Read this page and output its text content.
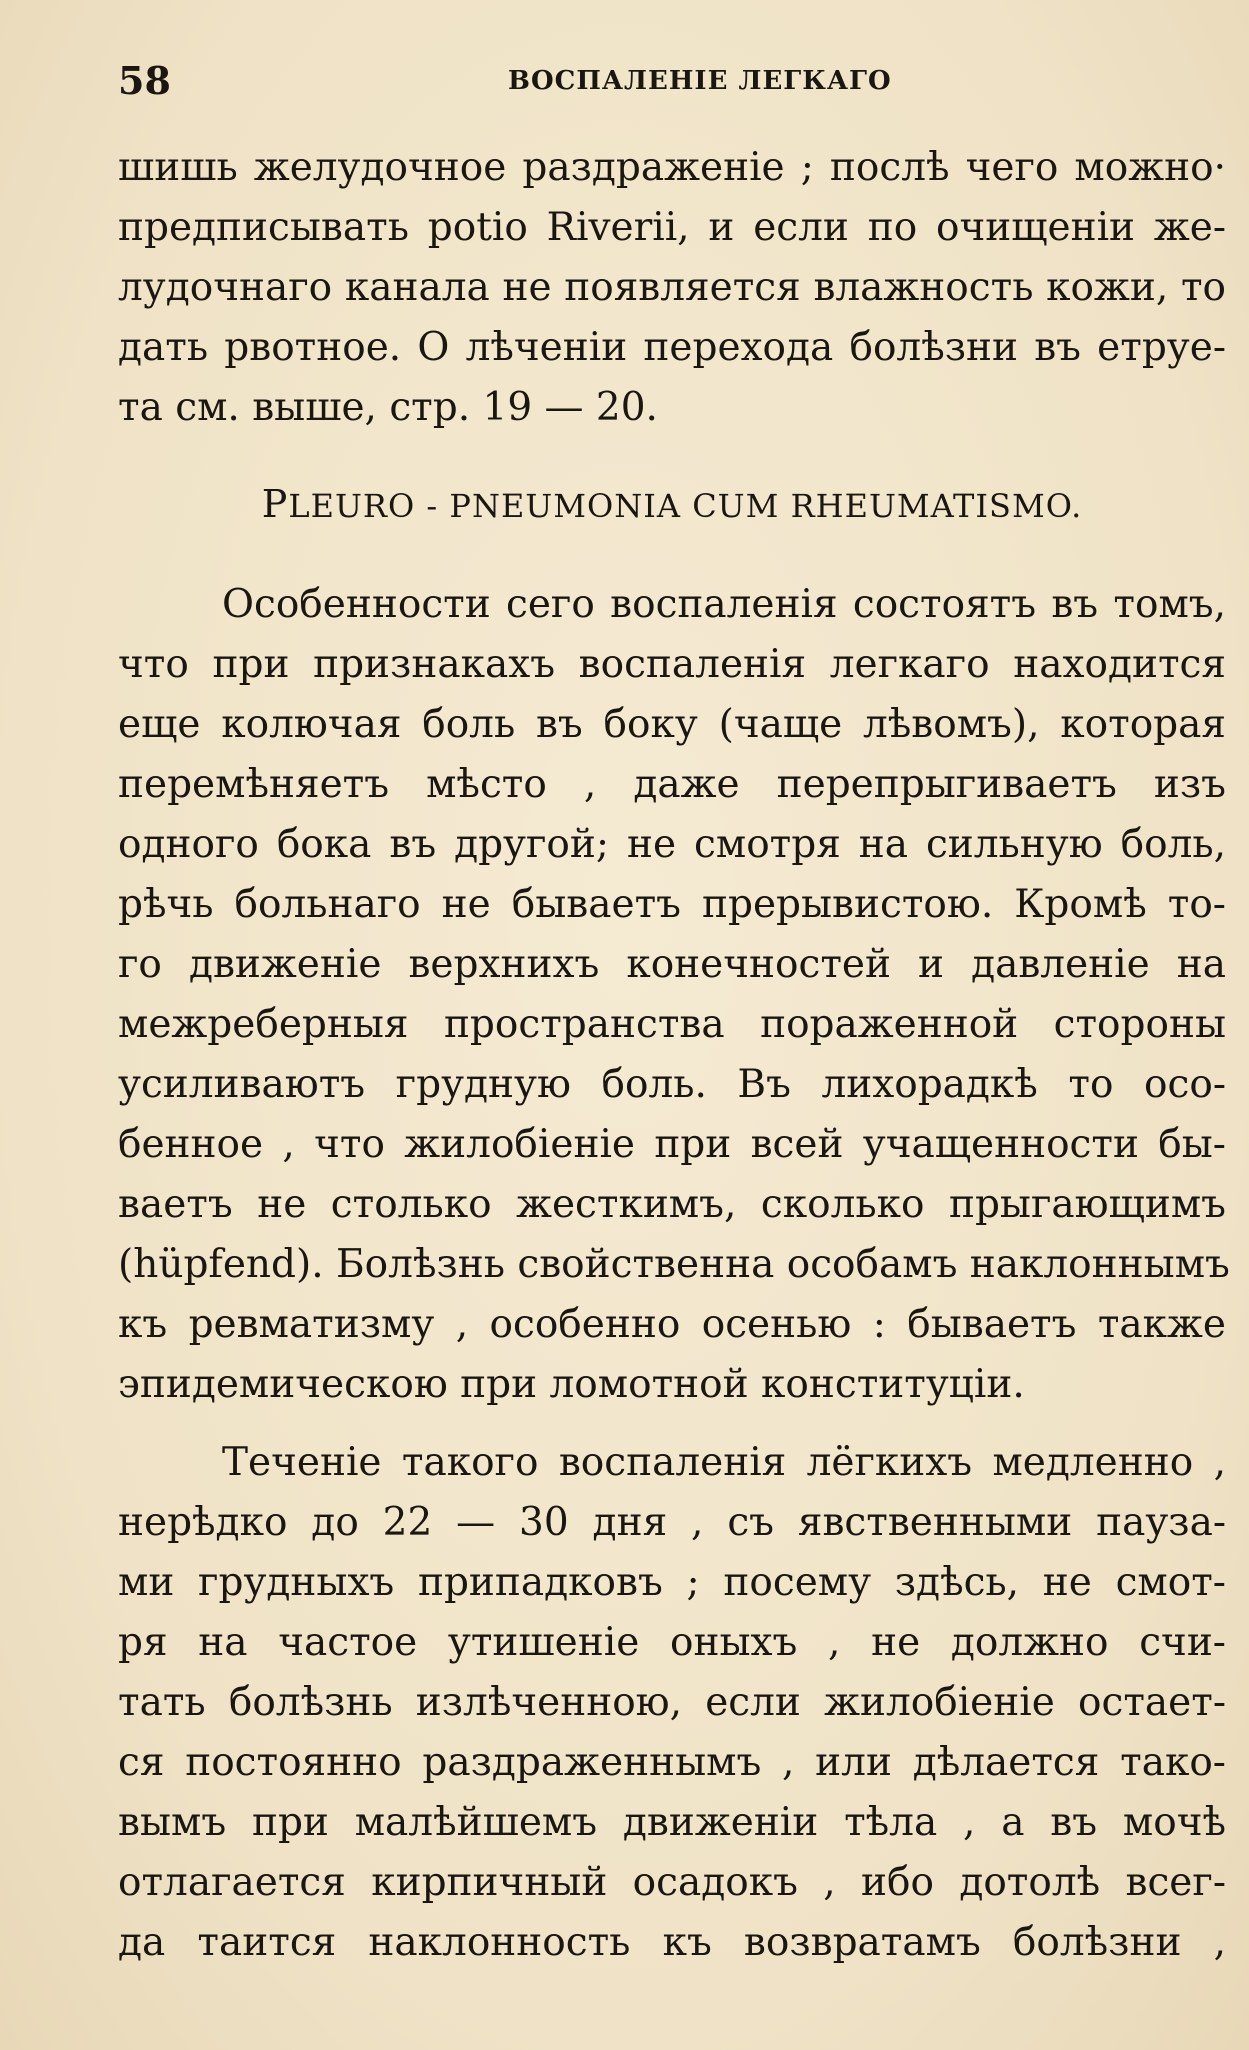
58	ВОСПАЛЕНІЕ ЛЕГКАГО
шишь желудочное раздраженіе ; послѣ чего можно·
предписывать potio Riverii, и если по очищеніи же-
лудочнаго канала не появляется влажность кожи, то
дать рвотное. О лѣченіи перехода болѣзни въ етруе-
та см. выше, стр. 19 — 20.
PLEURO - PNEUMONIA CUM RHEUMATISMO.
Особенности сего воспаленія состоятъ въ томъ,
что при признакахъ воспаленія легкаго находится
еще колючая боль въ боку (чаще лѣвомъ), которая
перемѣняетъ мѣсто , даже перепрыгиваетъ изъ
одного бока въ другой; не смотря на сильную боль,
рѣчь больнаго не бываетъ прерывистою. Кромѣ то-
го движеніе верхнихъ конечностей и давленіе на
межреберныя пространства пораженной стороны
усиливаютъ грудную боль. Въ лихорадкѣ то осо-
бенное , что жилобіеніе при всей учащенности бы-
ваетъ не столько жесткимъ, сколько прыгающимъ
(hüpfend). Болѣзнь свойственна особамъ наклоннымъ
къ ревматизму , особенно осенью : бываетъ также
эпидемическою при ломотной конституціи.
Теченіе такого воспаленія лёгкихъ медленно ,
нерѣдко до 22 — 30 дня , съ явственными пауза-
ми грудныхъ припадковъ ; посему здѣсь, не смот-
ря на частое утишеніе оныхъ , не должно счи-
тать болѣзнь излѣченною, если жилобіеніе остает-
ся постоянно раздраженнымъ , или дѣлается тако-
вымъ при малѣйшемъ движеніи тѣла , а въ мочѣ
отлагается кирпичный осадокъ , ибо дотолѣ всег-
да таится наклонность къ возвратамъ болѣзни ,
